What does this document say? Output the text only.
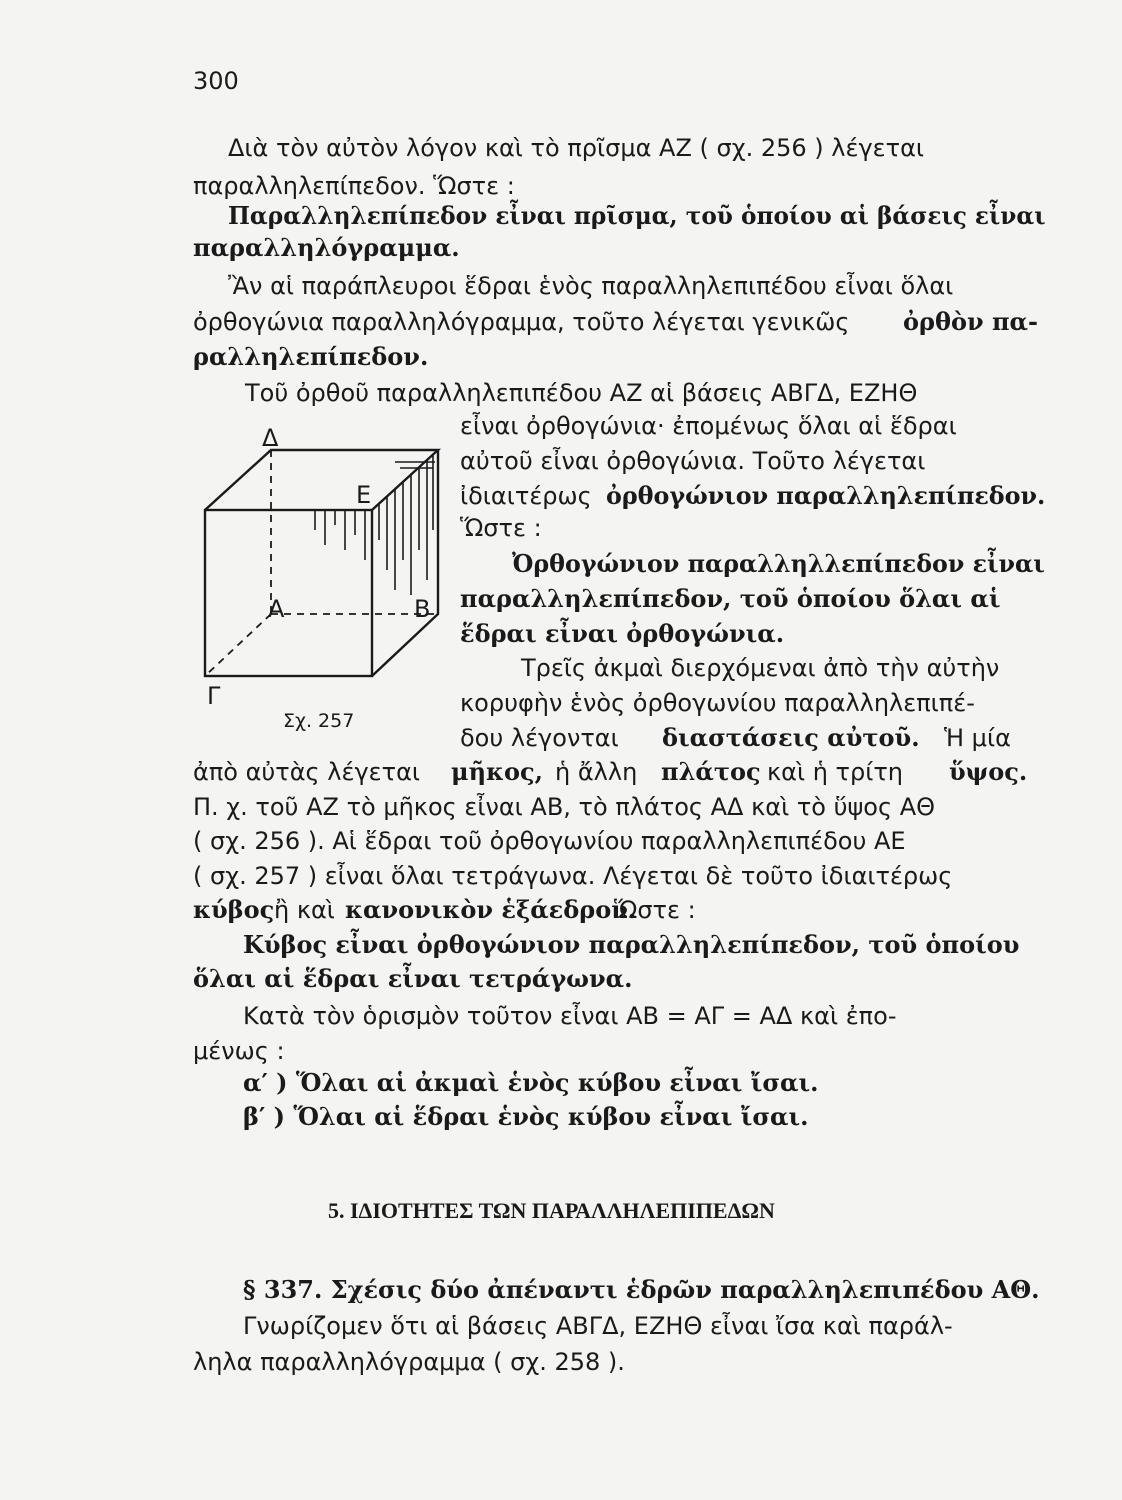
300
Διὰ τὸν αὐτὸν λόγον καὶ τὸ πρῖσμα ΑΖ ( σχ. 256 ) λέγεται
παραλληλεπίπεδον. Ὥστε :
Παραλληλεπίπεδον εἶναι πρῖσμα, τοῦ ὁποίου αἱ βάσεις εἶναι
παραλληλόγραμμα.
Ἂν αἱ παράπλευροι ἕδραι ἑνὸς παραλληλεπιπέδου εἶναι ὅλαι
ὀρθογώνια παραλληλόγραμμα, τοῦτο λέγεται γενικῶς ὀρθὸν πα-
ραλληλεπίπεδον.
Τοῦ ὀρθοῦ παραλληλεπιπέδου ΑΖ αἱ βάσεις ΑΒΓΔ, ΕΖΗΘ
εἶναι ὀρθογώνια· ἐπομένως ὅλαι αἱ ἕδραι
αὐτοῦ εἶναι ὀρθογώνια. Τοῦτο λέγεται
ἰδιαιτέρως ὀρθογώνιον παραλληλεπίπεδον.
Ὥστε :
Ὀρθογώνιον παραλληλλεπίπεδον εἶναι
παραλληλεπίπεδον, τοῦ ὁποίου ὅλαι αἱ
ἕδραι εἶναι ὀρθογώνια.
Τρεῖς ἀκμαὶ διερχόμεναι ἀπὸ τὴν αὐτὴν
κορυφὴν ἑνὸς ὀρθογωνίου παραλληλεπιπέ-
δου λέγονται διαστάσεις αὐτοῦ. Ἡ μία
ἀπὸ αὐτὰς λέγεται μῆκος, ἡ ἄλλη πλάτος καὶ ἡ τρίτη ὕψος.
Π. χ. τοῦ ΑΖ τὸ μῆκος εἶναι ΑΒ, τὸ πλάτος ΑΔ καὶ τὸ ὕψος ΑΘ
( σχ. 256 ). Αἱ ἕδραι τοῦ ὀρθογωνίου παραλληλεπιπέδου ΑΕ
( σχ. 257 ) εἶναι ὅλαι τετράγωνα. Λέγεται δὲ τοῦτο ἰδιαιτέρως
κύβος ἢ καὶ κανονικὸν ἑξάεδρον.
Ὥστε :
Κύβος εἶναι ὀρθογώνιον παραλληλεπίπεδον, τοῦ ὁποίου
ὅλαι αἱ ἕδραι εἶναι τετράγωνα.
Κατὰ τὸν ὁρισμὸν τοῦτον εἶναι ΑΒ = ΑΓ = ΑΔ καὶ ἐπο-
μένως :
α′ ) Ὅλαι αἱ ἀκμαὶ ἑνὸς κύβου εἶναι ἴσαι.
β′ ) Ὅλαι αἱ ἕδραι ἑνὸς κύβου εἶναι ἴσαι.
5. ΙΔΙΟΤΗΤΕΣ ΤΩΝ ΠΑΡΑΛΛΗΛΕΠΙΠΕΔΩΝ
§ 337. Σχέσις δύο ἀπέναντι ἑδρῶν παραλληλεπιπέδου ΑΘ.
Γνωρίζομεν ὅτι αἱ βάσεις ΑΒΓΔ, ΕΖΗΘ εἶναι ἴσα καὶ παράλ-
ληλα παραλληλόγραμμα ( σχ. 258 ).
Δ
Ε
Α	Β
Γ
Σχ. 257
